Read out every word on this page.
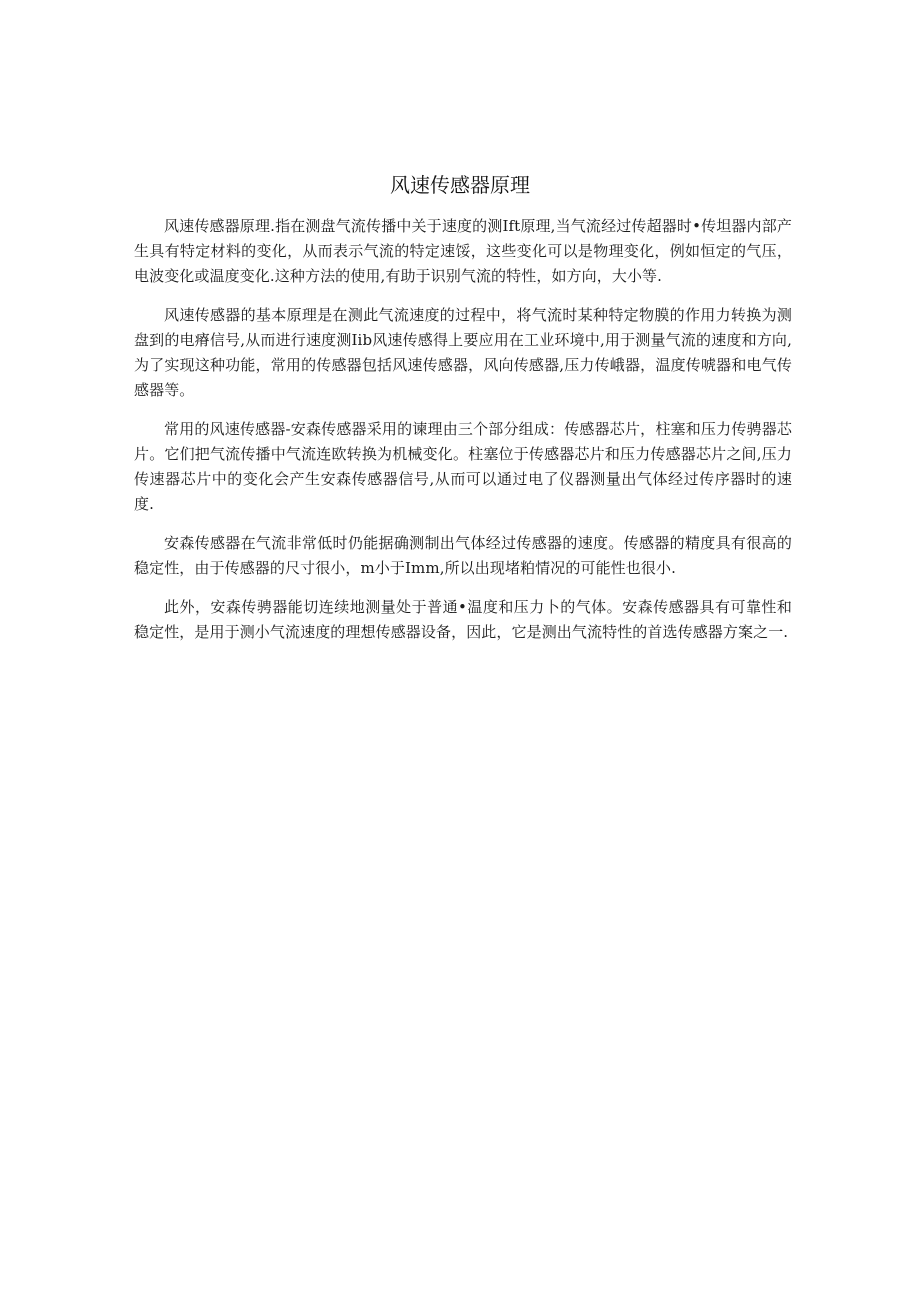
风速传感器原理

风速传感器原理.指在测盘气流传播中关于速度的测Ift原理,当气流经过传超器时•传坦器内部产生具有特定材料的变化，从而表示气流的特定速馁，这些变化可以是物理变化，例如恒定的气压，电波变化或温度变化.这种方法的使用,有助于识别气流的特性，如方向，大小等.

风速传感器的基本原理是在测此气流速度的过程中，将气流时某种特定物膜的作用力转换为测盘到的电瘠信号,从而进行速度测Iib风速传感得上要应用在工业环境中,用于测量气流的速度和方向,为了实现这种功能，常用的传感器包括风速传感器，风向传感器,压力传峨器，温度传唬器和电气传感器等。

常用的风速传感器-安森传感器采用的谏理由三个部分组成：传感器芯片，柱塞和压力传骋器芯片。它们把气流传播中气流连欧转换为机械变化。柱塞位于传感器芯片和压力传感器芯片之间,压力传速器芯片中的变化会产生安森传感器信号,从而可以通过电了仪器测量出气体经过传序器时的速度.

安森传感器在气流非常低时仍能据确测制出气体经过传感器的速度。传感器的精度具有很高的稳定性，由于传感器的尺寸很小，m小于Imm,所以出现堵粕情况的可能性也很小.

此外，安森传骋器能切连续地测量处于普通•温度和压力卜的气体。安森传感器具有可靠性和稳定性，是用于测小气流速度的理想传感器设备，因此，它是测出气流特性的首选传感器方案之一.
